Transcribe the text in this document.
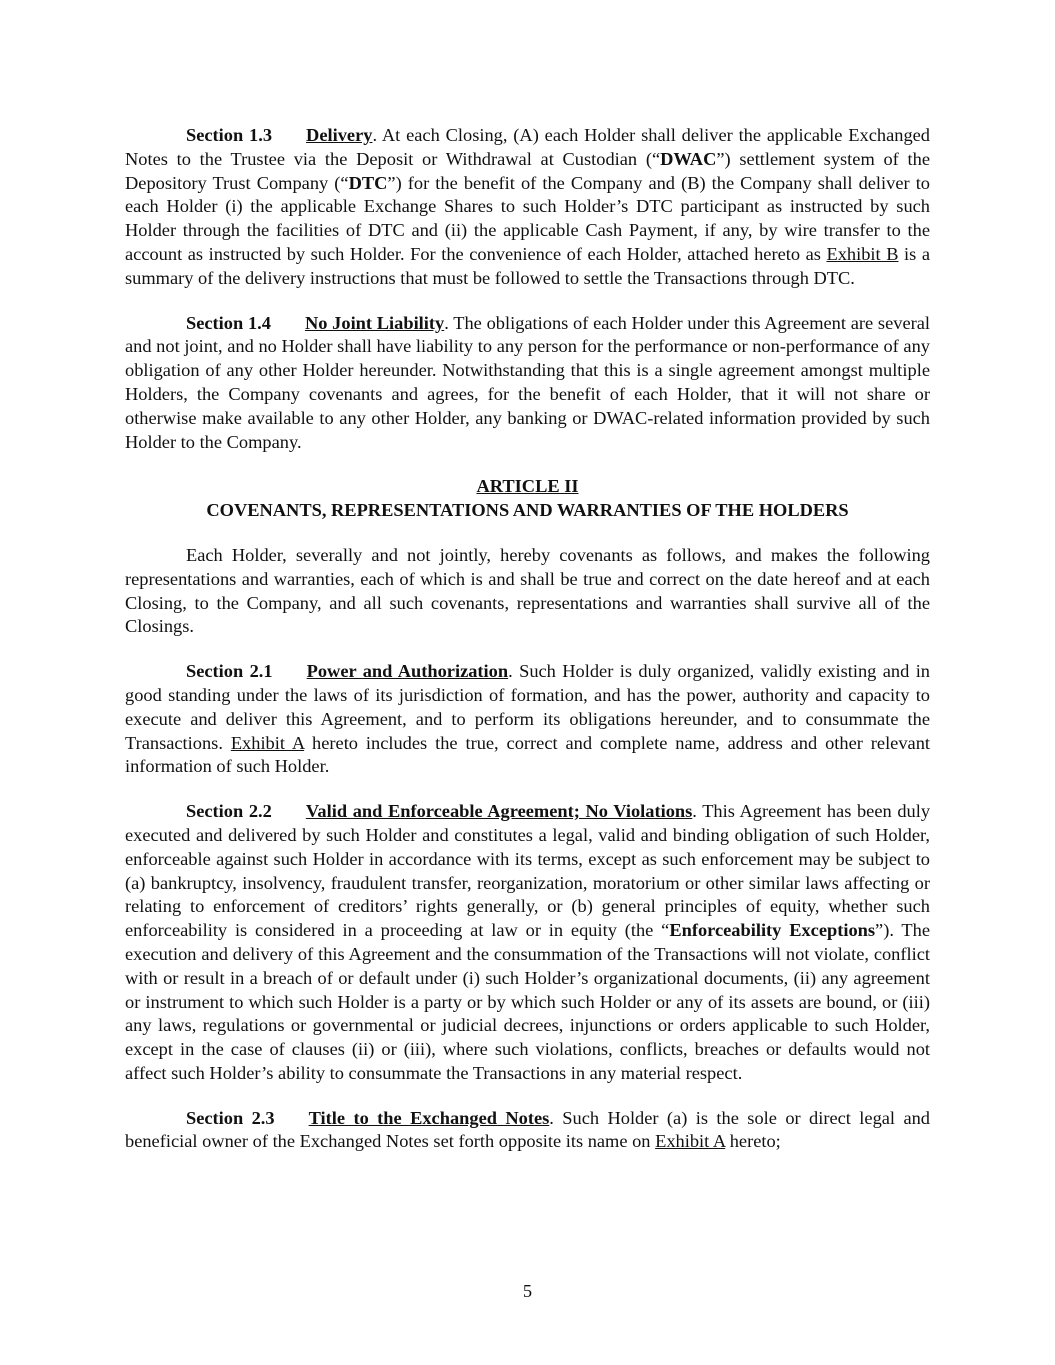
Section 1.3 Delivery. At each Closing, (A) each Holder shall deliver the applicable Exchanged Notes to the Trustee via the Deposit or Withdrawal at Custodian (“DWAC”) settlement system of the Depository Trust Company (“DTC”) for the benefit of the Company and (B) the Company shall deliver to each Holder (i) the applicable Exchange Shares to such Holder’s DTC participant as instructed by such Holder through the facilities of DTC and (ii) the applicable Cash Payment, if any, by wire transfer to the account as instructed by such Holder. For the convenience of each Holder, attached hereto as Exhibit B is a summary of the delivery instructions that must be followed to settle the Transactions through DTC.

Section 1.4 No Joint Liability. The obligations of each Holder under this Agreement are several and not joint, and no Holder shall have liability to any person for the performance or non-performance of any obligation of any other Holder hereunder. Notwithstanding that this is a single agreement amongst multiple Holders, the Company covenants and agrees, for the benefit of each Holder, that it will not share or otherwise make available to any other Holder, any banking or DWAC-related information provided by such Holder to the Company.

ARTICLE II
COVENANTS, REPRESENTATIONS AND WARRANTIES OF THE HOLDERS

Each Holder, severally and not jointly, hereby covenants as follows, and makes the following representations and warranties, each of which is and shall be true and correct on the date hereof and at each Closing, to the Company, and all such covenants, representations and warranties shall survive all of the Closings.

Section 2.1 Power and Authorization. Such Holder is duly organized, validly existing and in good standing under the laws of its jurisdiction of formation, and has the power, authority and capacity to execute and deliver this Agreement, and to perform its obligations hereunder, and to consummate the Transactions. Exhibit A hereto includes the true, correct and complete name, address and other relevant information of such Holder.

Section 2.2 Valid and Enforceable Agreement; No Violations. This Agreement has been duly executed and delivered by such Holder and constitutes a legal, valid and binding obligation of such Holder, enforceable against such Holder in accordance with its terms, except as such enforcement may be subject to (a) bankruptcy, insolvency, fraudulent transfer, reorganization, moratorium or other similar laws affecting or relating to enforcement of creditors’ rights generally, or (b) general principles of equity, whether such enforceability is considered in a proceeding at law or in equity (the “Enforceability Exceptions”). The execution and delivery of this Agreement and the consummation of the Transactions will not violate, conflict with or result in a breach of or default under (i) such Holder’s organizational documents, (ii) any agreement or instrument to which such Holder is a party or by which such Holder or any of its assets are bound, or (iii) any laws, regulations or governmental or judicial decrees, injunctions or orders applicable to such Holder, except in the case of clauses (ii) or (iii), where such violations, conflicts, breaches or defaults would not affect such Holder’s ability to consummate the Transactions in any material respect.

Section 2.3 Title to the Exchanged Notes. Such Holder (a) is the sole or direct legal and beneficial owner of the Exchanged Notes set forth opposite its name on Exhibit A hereto;

5
